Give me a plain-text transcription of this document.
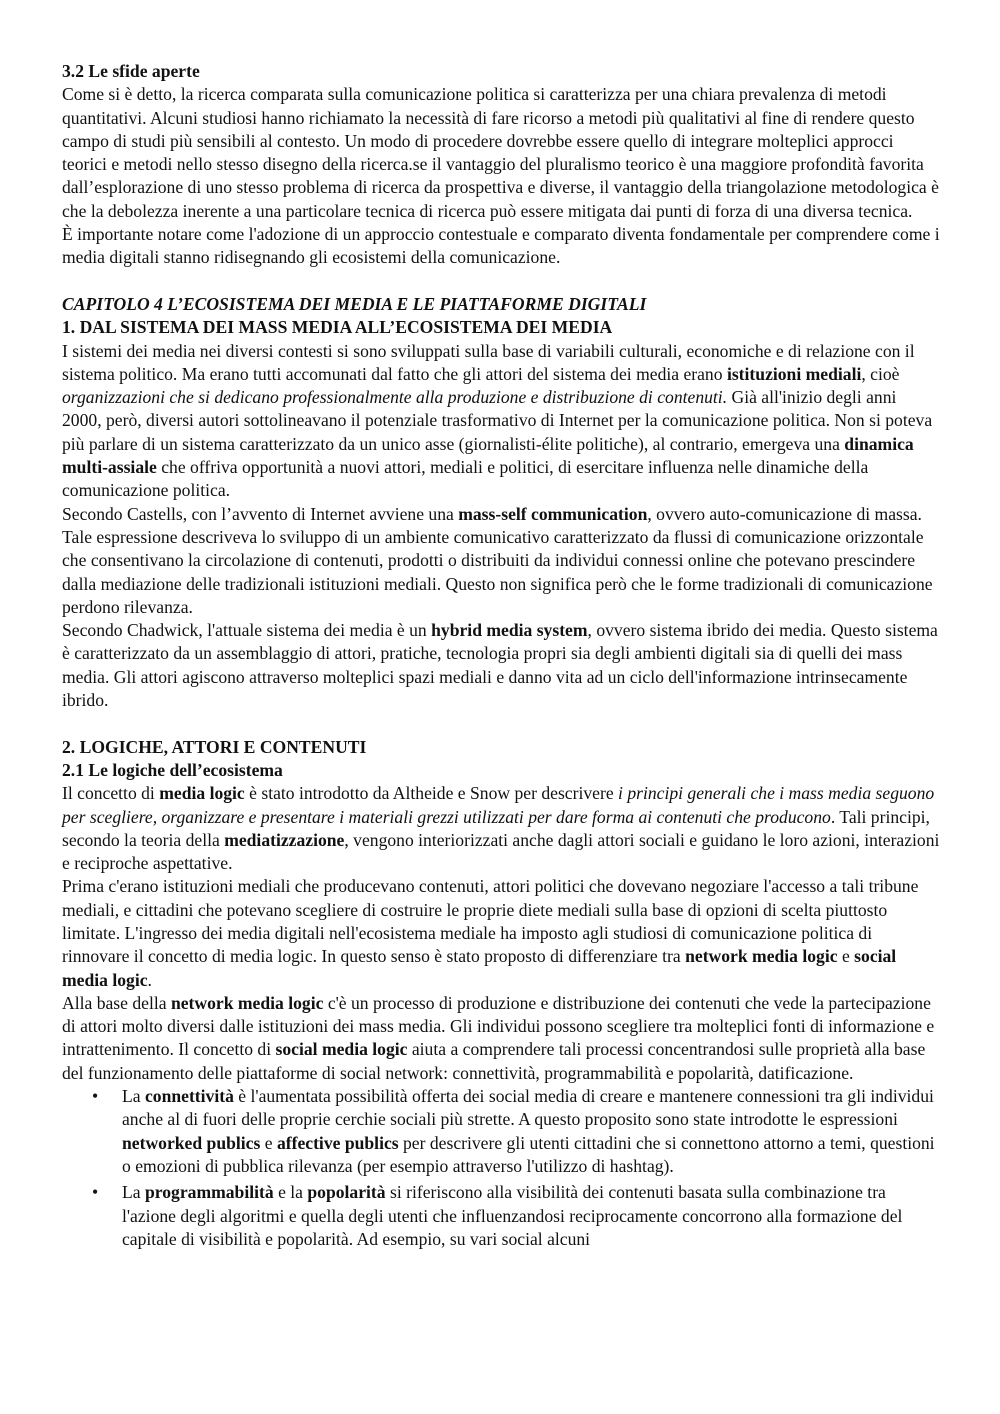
3.2 Le sfide aperte

Come si è detto, la ricerca comparata sulla comunicazione politica si caratterizza per una chiara prevalenza di metodi quantitativi. Alcuni studiosi hanno richiamato la necessità di fare ricorso a metodi più qualitativi al fine di rendere questo campo di studi più sensibili al contesto. Un modo di procedere dovrebbe essere quello di integrare molteplici approcci teorici e metodi nello stesso disegno della ricerca.se il vantaggio del pluralismo teorico è una maggiore profondità favorita dall’esplorazione di uno stesso problema di ricerca da prospettiva e diverse, il vantaggio della triangolazione metodologica è che la debolezza inerente a una particolare tecnica di ricerca può essere mitigata dai punti di forza di una diversa tecnica.

È importante notare come l'adozione di un approccio contestuale e comparato diventa fondamentale per comprendere come i media digitali stanno ridisegnando gli ecosistemi della comunicazione.

CAPITOLO 4 L’ECOSISTEMA DEI MEDIA E LE PIATTAFORME DIGITALI

1. DAL SISTEMA DEI MASS MEDIA ALL’ECOSISTEMA DEI MEDIA

I sistemi dei media nei diversi contesti si sono sviluppati sulla base di variabili culturali, economiche e di relazione con il sistema politico. Ma erano tutti accomunati dal fatto che gli attori del sistema dei media erano istituzioni mediali, cioè organizzazioni che si dedicano professionalmente alla produzione e distribuzione di contenuti. Già all'inizio degli anni 2000, però, diversi autori sottolineavano il potenziale trasformativo di Internet per la comunicazione politica. Non si poteva più parlare di un sistema caratterizzato da un unico asse (giornalisti-élite politiche), al contrario, emergeva una dinamica multi-assiale che offriva opportunità a nuovi attori, mediali e politici, di esercitare influenza nelle dinamiche della comunicazione politica.

Secondo Castells, con l’avvento di Internet avviene una mass-self communication, ovvero auto-comunicazione di massa. Tale espressione descriveva lo sviluppo di un ambiente comunicativo caratterizzato da flussi di comunicazione orizzontale che consentivano la circolazione di contenuti, prodotti o distribuiti da individui connessi online che potevano prescindere dalla mediazione delle tradizionali istituzioni mediali. Questo non significa però che le forme tradizionali di comunicazione perdono rilevanza.

Secondo Chadwick, l'attuale sistema dei media è un hybrid media system, ovvero sistema ibrido dei media. Questo sistema è caratterizzato da un assemblaggio di attori, pratiche, tecnologia propri sia degli ambienti digitali sia di quelli dei mass media. Gli attori agiscono attraverso molteplici spazi mediali e danno vita ad un ciclo dell'informazione intrinsecamente ibrido.

2. LOGICHE, ATTORI E CONTENUTI

2.1 Le logiche dell’ecosistema

Il concetto di media logic è stato introdotto da Altheide e Snow per descrivere i principi generali che i mass media seguono per scegliere, organizzare e presentare i materiali grezzi utilizzati per dare forma ai contenuti che producono. Tali principi, secondo la teoria della mediatizzazione, vengono interiorizzati anche dagli attori sociali e guidano le loro azioni, interazioni e reciproche aspettative.

Prima c'erano istituzioni mediali che producevano contenuti, attori politici che dovevano negoziare l'accesso a tali tribune mediali, e cittadini che potevano scegliere di costruire le proprie diete mediali sulla base di opzioni di scelta piuttosto limitate. L'ingresso dei media digitali nell'ecosistema mediale ha imposto agli studiosi di comunicazione politica di rinnovare il concetto di media logic. In questo senso è stato proposto di differenziare tra network media logic e social media logic.

Alla base della network media logic c'è un processo di produzione e distribuzione dei contenuti che vede la partecipazione di attori molto diversi dalle istituzioni dei mass media. Gli individui possono scegliere tra molteplici fonti di informazione e intrattenimento. Il concetto di social media logic aiuta a comprendere tali processi concentrandosi sulle proprietà alla base del funzionamento delle piattaforme di social network: connettività, programmabilità e popolarità, datificazione.

• La connettività è l'aumentata possibilità offerta dei social media di creare e mantenere connessioni tra gli individui anche al di fuori delle proprie cerchie sociali più strette. A questo proposito sono state introdotte le espressioni networked publics e affective publics per descrivere gli utenti cittadini che si connettono attorno a temi, questioni o emozioni di pubblica rilevanza (per esempio attraverso l'utilizzo di hashtag).
• La programmabilità e la popolarità si riferiscono alla visibilità dei contenuti basata sulla combinazione tra l'azione degli algoritmi e quella degli utenti che influenzandosi reciprocamente concorrono alla formazione del capitale di visibilità e popolarità. Ad esempio, su vari social alcuni
